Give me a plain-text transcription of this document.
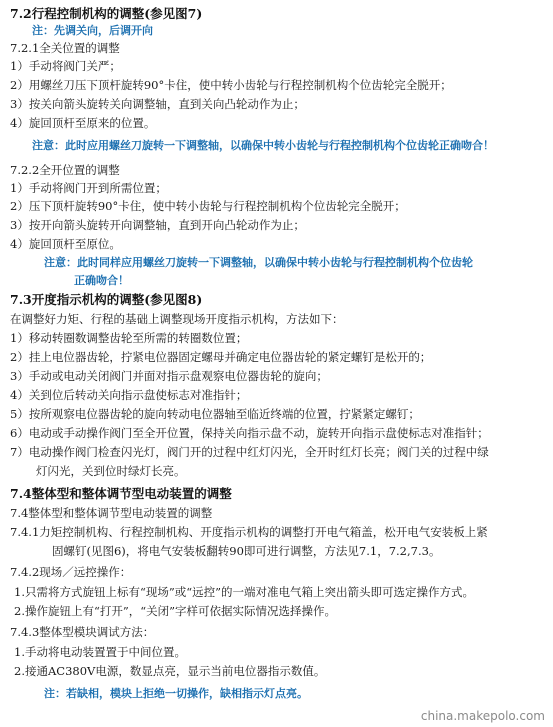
7.2行程控制机构的调整(参见图7)
注：先调关向，后调开向
7.2.1全关位置的调整
1）手动将阀门关严；
2）用螺丝刀压下顶杆旋转90°卡住，使中转小齿轮与行程控制机构个位齿轮完全脱开；
3）按关向箭头旋转关向调整轴，直到关向凸轮动作为止；
4）旋回顶杆至原来的位置。
注意：此时应用螺丝刀旋转一下调整轴，以确保中转小齿轮与行程控制机构个位齿轮正确吻合！
7.2.2全开位置的调整
1）手动将阀门开到所需位置；
2）压下顶杆旋转90°卡住，使中转小齿轮与行程控制机构个位齿轮完全脱开；
3）按开向箭头旋转开向调整轴，直到开向凸轮动作为止；
4）旋回顶杆至原位。
注意：此时同样应用螺丝刀旋转一下调整轴，以确保中转小齿轮与行程控制机构个位齿轮
正确吻合！
7.3开度指示机构的调整(参见图8)
在调整好力矩、行程的基础上调整现场开度指示机构，方法如下：
1）移动转圈数调整齿轮至所需的转圈数位置；
2）挂上电位器齿轮，拧紧电位器固定螺母并确定电位器齿轮的紧定螺钉是松开的；
3）手动或电动关闭阀门并面对指示盘观察电位器齿轮的旋向；
4）关到位后转动关向指示盘使标志对准指针；
5）按所观察电位器齿轮的旋向转动电位器轴至临近终端的位置，拧紧紧定螺钉；
6）电动或手动操作阀门至全开位置，保持关向指示盘不动，旋转开向指示盘使标志对准指针；
7）电动操作阀门检查闪光灯，阀门开的过程中红灯闪光，全开时红灯长亮；阀门关的过程中绿
灯闪光，关到位时绿灯长亮。
7.4整体型和整体调节型电动装置的调整
7.4整体型和整体调节型电动装置的调整
7.4.1力矩控制机构、行程控制机构、开度指示机构的调整打开电气箱盖，松开电气安装板上紧
固螺钉(见图6)，将电气安装板翻转90即可进行调整，方法见7.1，7.2,7.3。
7.4.2现场／远控操作：
1.只需将方式旋钮上标有“现场”或“远控”的一端对准电气箱上突出箭头即可选定操作方式。
2.操作旋钮上有“打开”，“关闭”字样可依据实际情况选择操作。
7.4.3整体型模块调试方法：
1.手动将电动装置置于中间位置。
2.接通AC380V电源，数显点亮，显示当前电位器指示数值。
注：若缺相，模块上拒绝一切操作，缺相指示灯点亮。
china.makepolo.com
